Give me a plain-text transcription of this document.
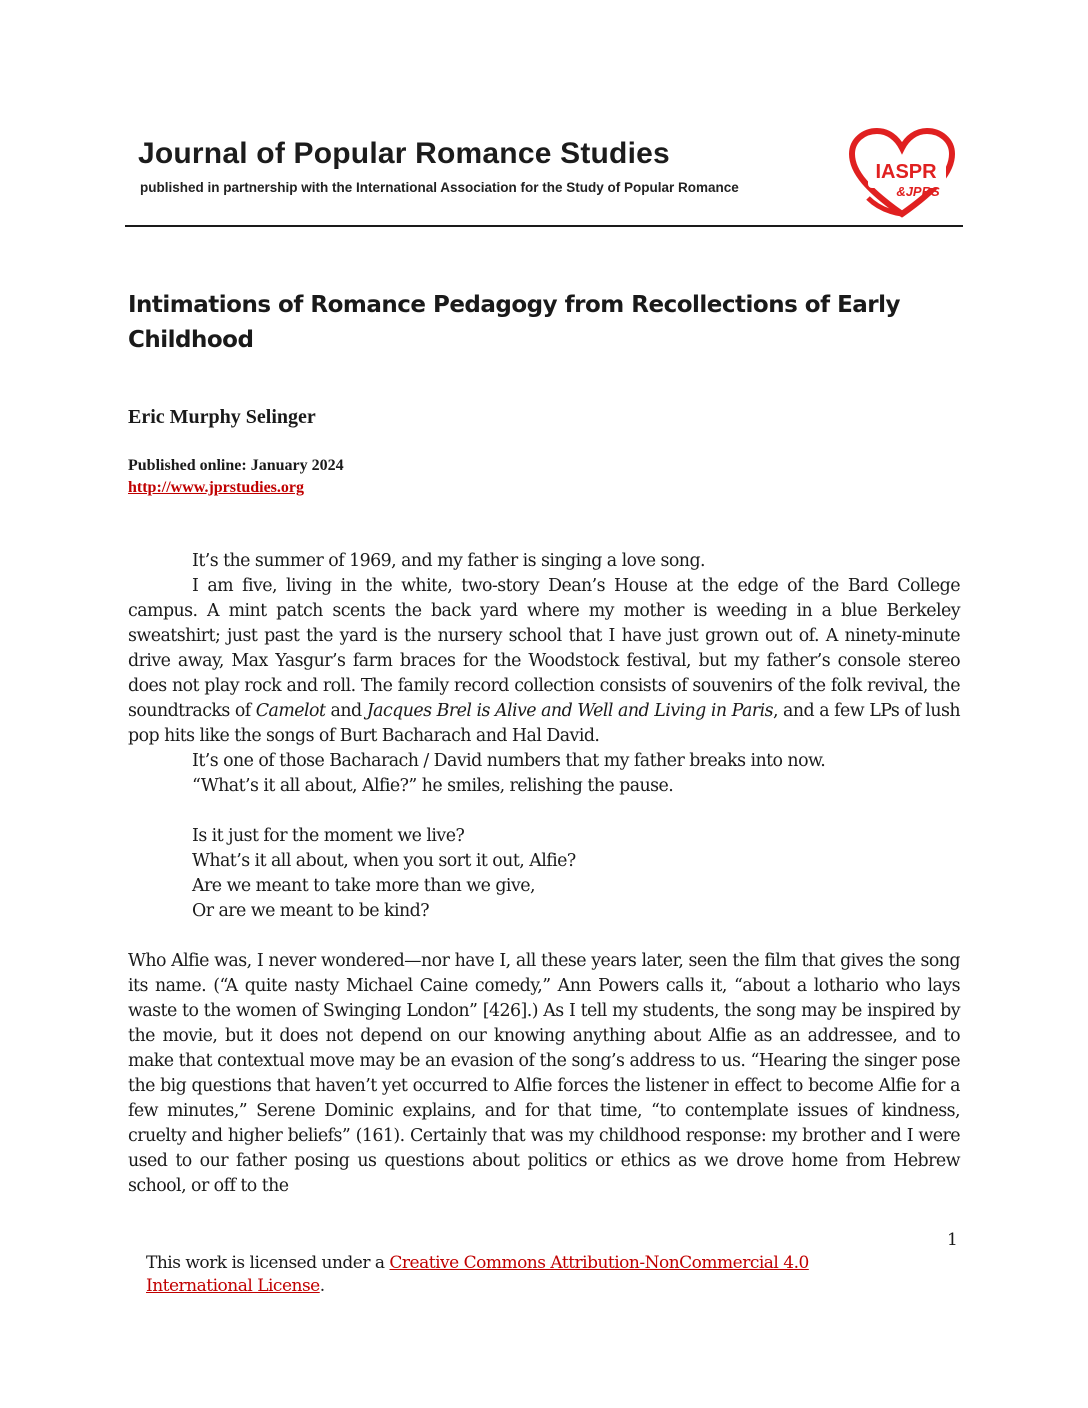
Journal of Popular Romance Studies
published in partnership with the International Association for the Study of Popular Romance
IASPR
&JPRS
Intimations of Romance Pedagogy from Recollections of Early Childhood
Eric Murphy Selinger
Published online: January 2024
http://www.jprstudies.org

It’s the summer of 1969, and my father is singing a love song.

I am five, living in the white, two-story Dean’s House at the edge of the Bard College campus. A mint patch scents the back yard where my mother is weeding in a blue Berkeley sweatshirt; just past the yard is the nursery school that I have just grown out of. A ninety-minute drive away, Max Yasgur’s farm braces for the Woodstock festival, but my father’s console stereo does not play rock and roll. The family record collection consists of souvenirs of the folk revival, the soundtracks of Camelot and Jacques Brel is Alive and Well and Living in Paris, and a few LPs of lush pop hits like the songs of Burt Bacharach and Hal David.

It’s one of those Bacharach / David numbers that my father breaks into now.

“What’s it all about, Alfie?” he smiles, relishing the pause.

Is it just for the moment we live?
What’s it all about, when you sort it out, Alfie?
Are we meant to take more than we give,
Or are we meant to be kind?

Who Alfie was, I never wondered—nor have I, all these years later, seen the film that gives the song its name. (“A quite nasty Michael Caine comedy,” Ann Powers calls it, “about a lothario who lays waste to the women of Swinging London” [426].) As I tell my students, the song may be inspired by the movie, but it does not depend on our knowing anything about Alfie as an addressee, and to make that contextual move may be an evasion of the song’s address to us. “Hearing the singer pose the big questions that haven’t yet occurred to Alfie forces the listener in effect to become Alfie for a few minutes,” Serene Dominic explains, and for that time, “to contemplate issues of kindness, cruelty and higher beliefs” (161). Certainly that was my childhood response: my brother and I were used to our father posing us questions about politics or ethics as we drove home from Hebrew school, or off to the

1
This work is licensed under a Creative Commons Attribution-NonCommercial 4.0 International License.
